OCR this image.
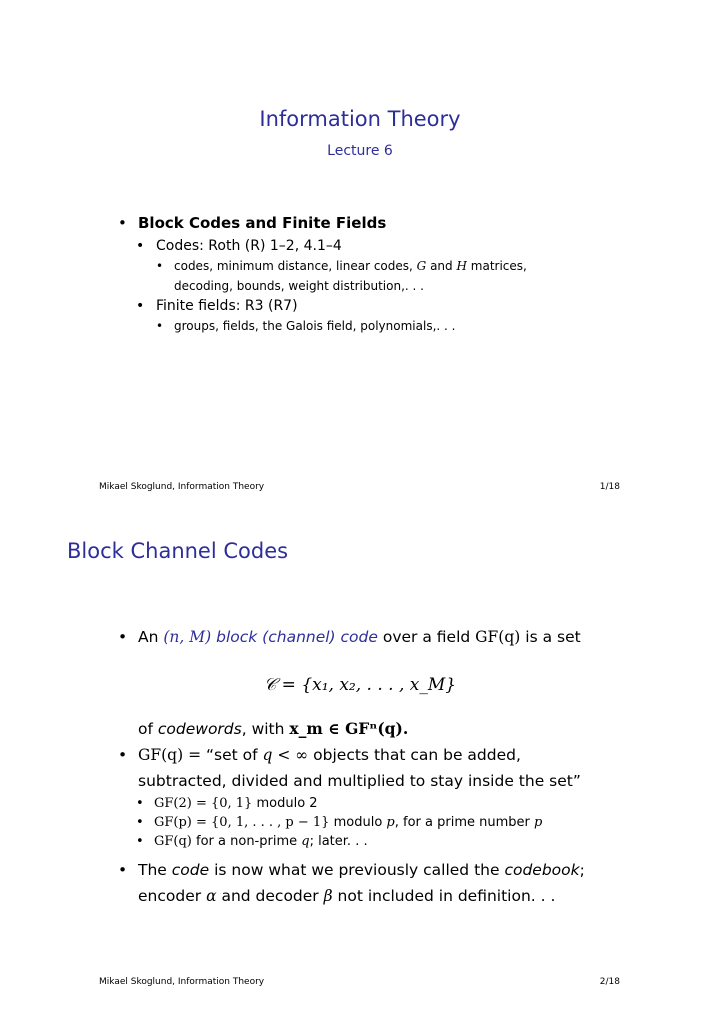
Information Theory
Lecture 6
•
Block Codes and Finite Fields
•
Codes: Roth (R) 1–2, 4.1–4
•
codes, minimum distance, linear codes, G and H matrices,
decoding, bounds, weight distribution,. . .
•
Finite fields: R3 (R7)
•
groups, fields, the Galois field, polynomials,. . .
Mikael Skoglund, Information Theory	1/18
Block Channel Codes
•
An (n, M) block (channel) code over a field GF(q) is a set
𝒞 = {x₁, x₂, . . . , x_M}
of codewords, with x_m ∈ GFⁿ(q).
•
GF(q) = “set of q < ∞ objects that can be added,
subtracted, divided and multiplied to stay inside the set”
•
GF(2) = {0, 1} modulo 2
•
GF(p) = {0, 1, . . . , p − 1} modulo p, for a prime number p
•
GF(q) for a non-prime q; later. . .
•
The code is now what we previously called the codebook;
encoder α and decoder β not included in definition. . .
Mikael Skoglund, Information Theory	2/18
